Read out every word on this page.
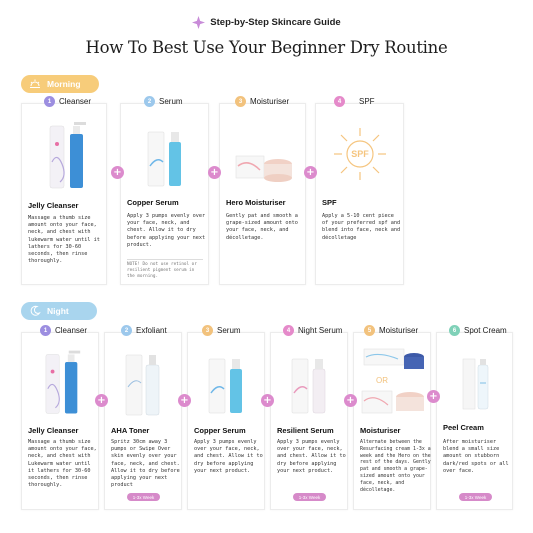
Step-by-Step Skincare Guide
How To Best Use Your Beginner Dry Routine
Morning
1 Cleanser
Jelly Cleanser
Massage a thumb size amount onto your face, neck, and chest with lukewarm water until it lathers for 30-60 seconds, then rinse thoroughly.
2 Serum
Copper Serum
Apply 3 pumps evenly over your face, neck, and chest. Allow it to dry before applying your next product.
NOTE! Do not use retinol or resilient pigment serum in the morning.
3 Moisturiser
Hero Moisturiser
Gently pat and smooth a grape-sized amount onto your face, neck, and décolletage.
4	SPF
SPF
SPF
Apply a 5-10 cent piece of your preferred spf and blend into face, neck and décolletage
+	+	+
Night
1 Cleanser
Jelly Cleanser
Massage a thumb size amount onto your face, neck, and chest with Lukewarm water until it lathers for 30-60 seconds, then rinse thoroughly.
2 Exfoliant
AHA Toner
Spritz 30cm away 3 pumps or Swipe Over skin evenly over your face, neck, and chest. Allow it to dry before applying your next product
1-3x Week
3 Serum
Copper Serum
Apply 3 pumps evenly over your face, neck, and chest. Allow it to dry before applying your next product.
4 Night Serum
Resilient Serum
Apply 3 pumps evenly over your face, neck, and chest. Allow it to dry before applying your next product.
1-3x Week
5 Moisturiser
OR
Moisturiser
Alternate between the Resurfacing cream 1-3x a week and the Hero on the rest of the days. Gently pat and smooth a grape-sized amount onto your face, neck, and décolletage.
6 Spot Cream
Peel Cream
After moisturiser blend a small size amount on stubborn dark/red spots or all over face.
1-3x Week
+	+	+	+	+
